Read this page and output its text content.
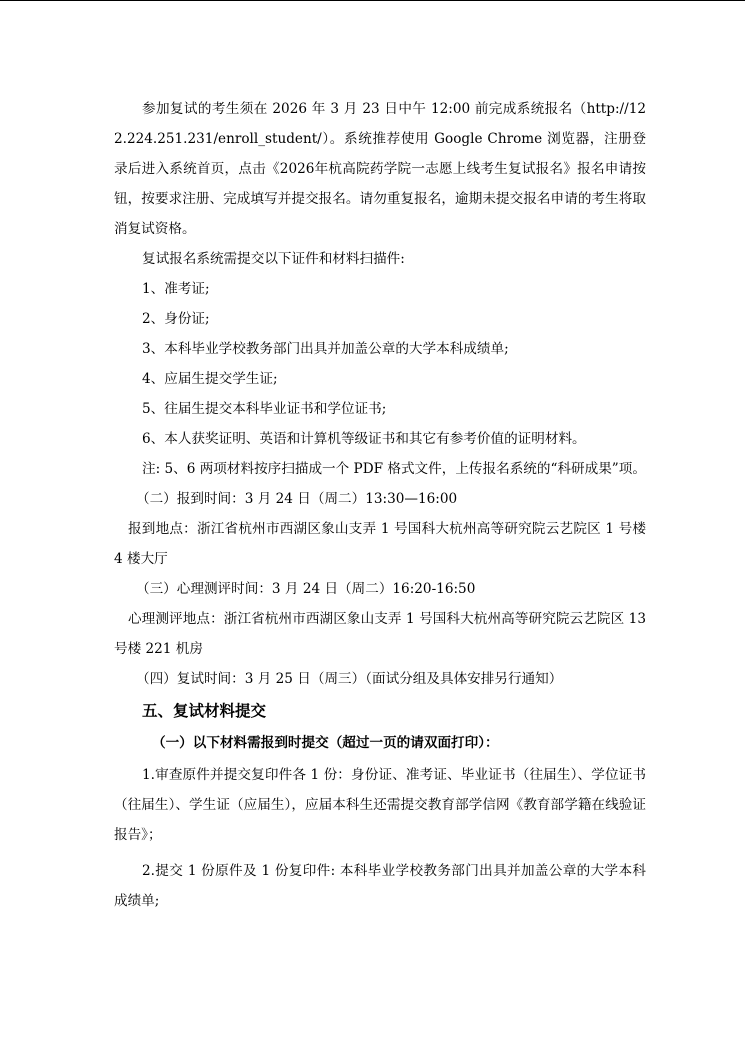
参加复试的考生须在 2026 年 3 月 23 日中午 12:00 前完成系统报名（http://122.224.251.231/enroll_student/）。系统推荐使用 Google Chrome 浏览器，注册登录后进入系统首页，点击《2026年杭高院药学院一志愿上线考生复试报名》报名申请按钮，按要求注册、完成填写并提交报名。请勿重复报名，逾期未提交报名申请的考生将取消复试资格。

复试报名系统需提交以下证件和材料扫描件:

1、准考证;

2、身份证;

3、本科毕业学校教务部门出具并加盖公章的大学本科成绩单;

4、应届生提交学生证;

5、往届生提交本科毕业证书和学位证书;

6、本人获奖证明、英语和计算机等级证书和其它有参考价值的证明材料。

注: 5、6 两项材料按序扫描成一个 PDF 格式文件，上传报名系统的“科研成果”项。

（二）报到时间：3 月 24 日（周二）13:30—16:00

报到地点：浙江省杭州市西湖区象山支弄 1 号国科大杭州高等研究院云艺院区 1 号楼 4 楼大厅

（三）心理测评时间：3 月 24 日（周二）16:20-16:50

心理测评地点：浙江省杭州市西湖区象山支弄 1 号国科大杭州高等研究院云艺院区 13 号楼 221 机房

（四）复试时间：3 月 25 日（周三）（面试分组及具体安排另行通知）

五、复试材料提交

（一）以下材料需报到时提交（超过一页的请双面打印）：

1.审查原件并提交复印件各 1 份：身份证、准考证、毕业证书（往届生）、学位证书（往届生）、学生证（应届生），应届本科生还需提交教育部学信网《教育部学籍在线验证报告》；

2.提交 1 份原件及 1 份复印件: 本科毕业学校教务部门出具并加盖公章的大学本科成绩单;
